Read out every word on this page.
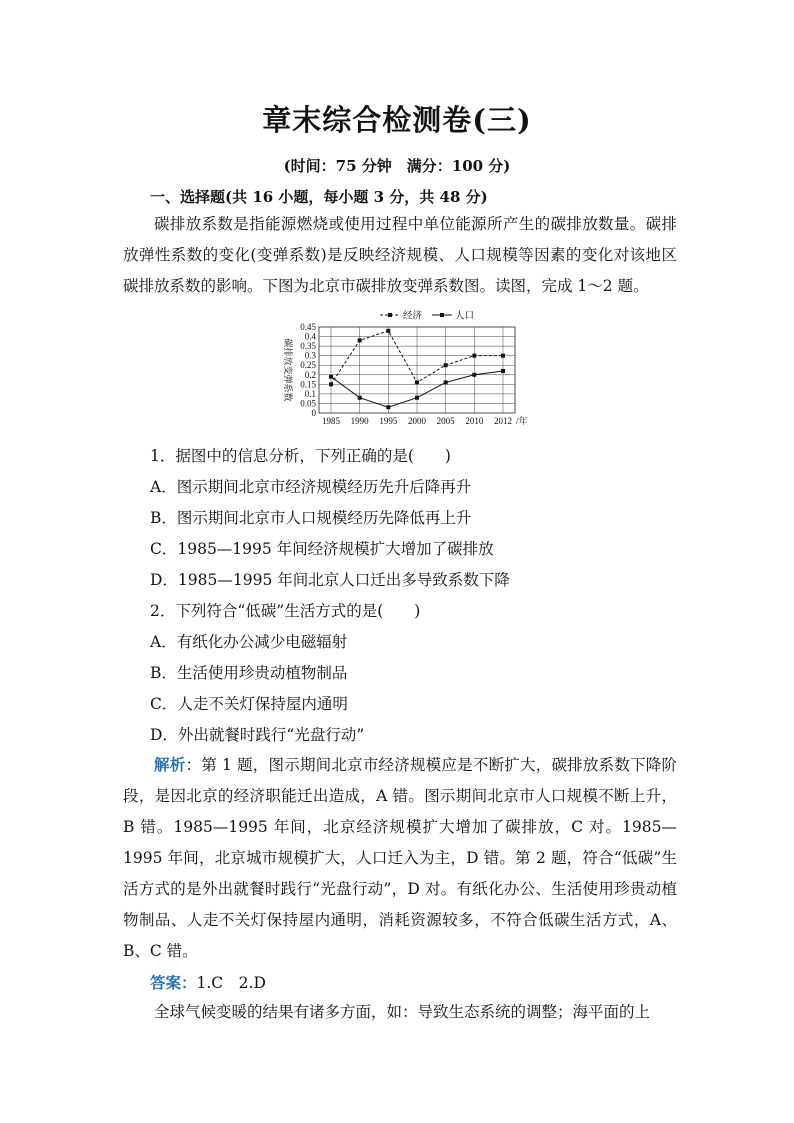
章末综合检测卷(三)
(时间：75 分钟　满分：100 分)
一、选择题(共 16 小题，每小题 3 分，共 48 分)
碳排放系数是指能源燃烧或使用过程中单位能源所产生的碳排放数量。碳排放弹性系数的变化(变弹系数)是反映经济规模、人口规模等因素的变化对该地区碳排放系数的影响。下图为北京市碳排放变弹系数图。读图，完成 1～2 题。
0
0.05
0.1
0.15
0.2
0.25
0.3
0.35
0.4
0.45
1985 1990 1995 2000 2005 2010 2012 /年
碳排放变弹系数
经济	人口
1．据图中的信息分析，下列正确的是(　　)
A．图示期间北京市经济规模经历先升后降再升
B．图示期间北京市人口规模经历先降低再上升
C．1985—1995 年间经济规模扩大增加了碳排放
D．1985—1995 年间北京人口迁出多导致系数下降
2．下列符合“低碳”生活方式的是(　　)
A．有纸化办公减少电磁辐射
B．生活使用珍贵动植物制品
C．人走不关灯保持屋内通明
D．外出就餐时践行“光盘行动”
解析：第 1 题，图示期间北京市经济规模应是不断扩大，碳排放系数下降阶段，是因北京的经济职能迁出造成，A 错。图示期间北京市人口规模不断上升，B 错。1985—1995 年间，北京经济规模扩大增加了碳排放，C 对。1985—1995 年间，北京城市规模扩大，人口迁入为主，D 错。第 2 题，符合“低碳”生活方式的是外出就餐时践行“光盘行动”，D 对。有纸化办公、生活使用珍贵动植物制品、人走不关灯保持屋内通明，消耗资源较多，不符合低碳生活方式，A、B、C 错。
答案：1.C　2.D
全球气候变暖的结果有诸多方面，如：导致生态系统的调整；海平面的上
